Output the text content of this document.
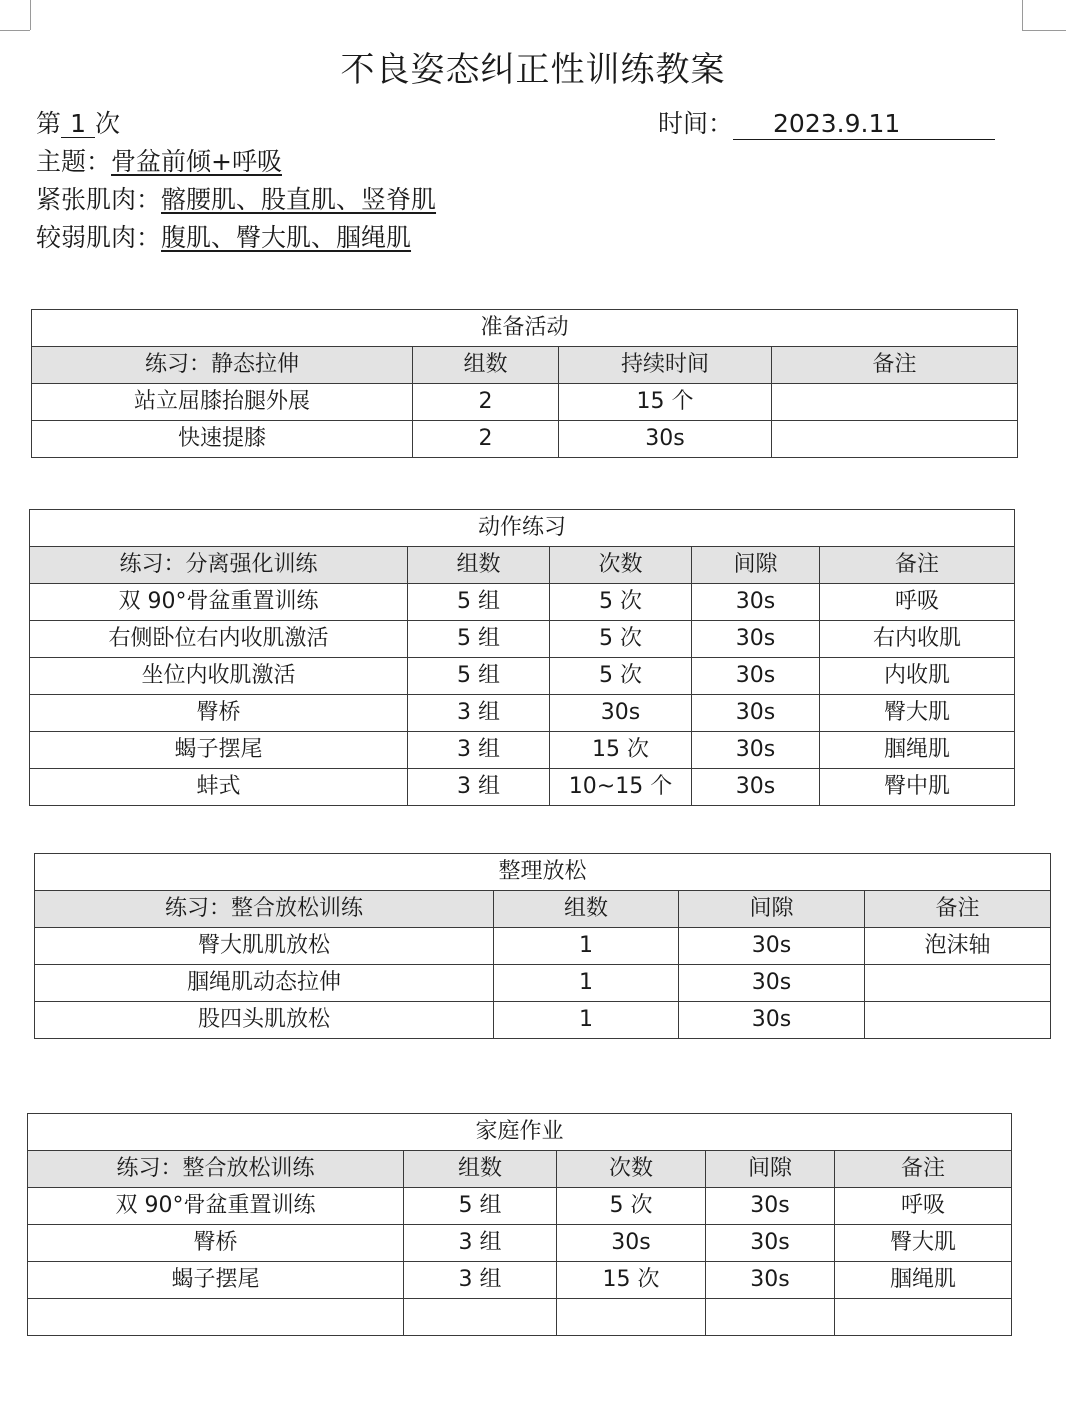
不良姿态纠正性训练教案
第 1 次	时间： 2023.9.11
主题：骨盆前倾+呼吸
紧张肌肉：髂腰肌、股直肌、竖脊肌
较弱肌肉：腹肌、臀大肌、腘绳肌
准备活动			
练习：静态拉伸	组数	持续时间	备注
站立屈膝抬腿外展	2	15 个	
快速提膝	2	30s	
动作练习				
练习：分离强化训练	组数	次数	间隙	备注
双 90°骨盆重置训练	5 组	5 次	30s	呼吸
右侧卧位右内收肌激活	5 组	5 次	30s	右内收肌
坐位内收肌激活	5 组	5 次	30s	内收肌
臀桥	3 组	30s	30s	臀大肌
蝎子摆尾	3 组	15 次	30s	腘绳肌
蚌式	3 组	10~15 个	30s	臀中肌
整理放松			
练习：整合放松训练	组数	间隙	备注
臀大肌肌放松	1	30s	泡沫轴
腘绳肌动态拉伸	1	30s	
股四头肌放松	1	30s	
家庭作业				
练习：整合放松训练	组数	次数	间隙	备注
双 90°骨盆重置训练	5 组	5 次	30s	呼吸
臀桥	3 组	30s	30s	臀大肌
蝎子摆尾	3 组	15 次	30s	腘绳肌
